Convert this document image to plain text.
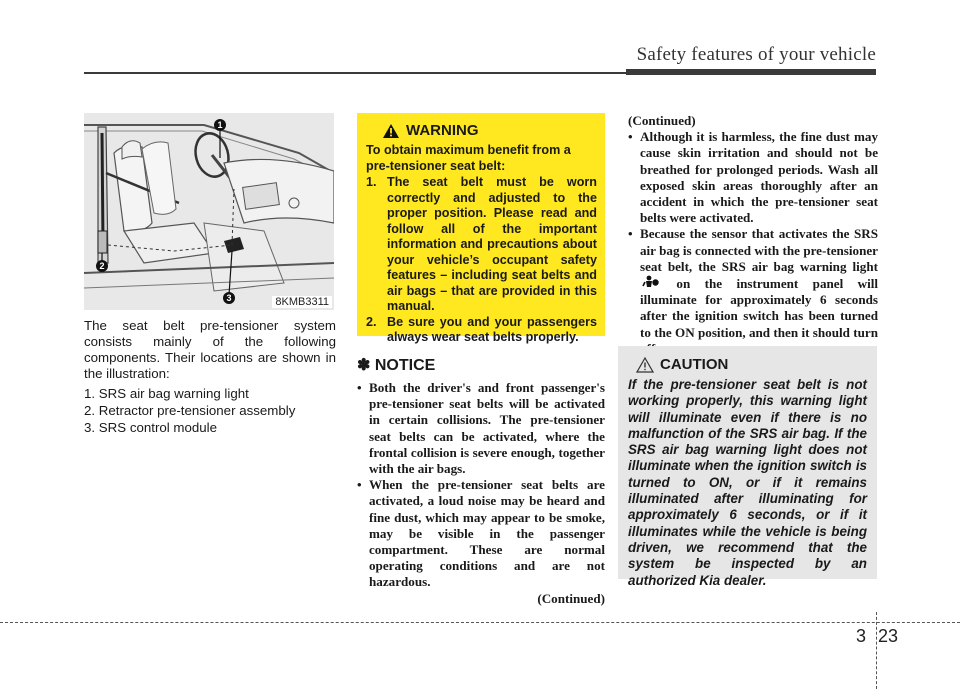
Safety features of your vehicle
1
2
3	8KMB3311

The seat belt pre-tensioner system consists mainly of the following components. Their locations are shown in the illustration:

1. SRS air bag warning light
2. Retractor pre-tensioner assembly
3. SRS control module
WARNING
To obtain maximum benefit from a pre-tensioner seat belt:
1. The seat belt must be worn correctly and adjusted to the proper position. Please read and follow all of the important information and precautions about your vehicle’s occupant safety features – including seat belts and air bags – that are provided in this manual.
2. Be sure you and your passengers always wear seat belts properly.
✽ NOTICE
• Both the driver's and front passenger's pre-tensioner seat belts will be activated in certain collisions. The pre-tensioner seat belts can be activated, where the frontal collision is severe enough, together with the air bags.
• When the pre-tensioner seat belts are activated, a loud noise may be heard and fine dust, which may appear to be smoke, may be visible in the passenger compartment. These are normal operating conditions and are not hazardous.
(Continued)
(Continued)
• Although it is harmless, the fine dust may cause skin irritation and should not be breathed for prolonged periods. Wash all exposed skin areas thoroughly after an accident in which the pre-tensioner seat belts were activated.
• Because the sensor that activates the SRS air bag is connected with the pre-tensioner seat belt, the SRS air bag warning light  on the instrument panel will illuminate for approximately 6 seconds after the ignition switch has been turned to the ON position, and then it should turn
CAUTION
If the pre-tensioner seat belt is not working properly, this warning light will illuminate even if there is no malfunction of the SRS air bag. If the SRS air bag warning light does not illuminate when the ignition switch is turned to ON, or if it remains illuminated after illuminating for approximately 6 seconds, or if it illuminates while the vehicle is being driven, we recommend that the system be inspected by an authorized Kia dealer.
3 23
